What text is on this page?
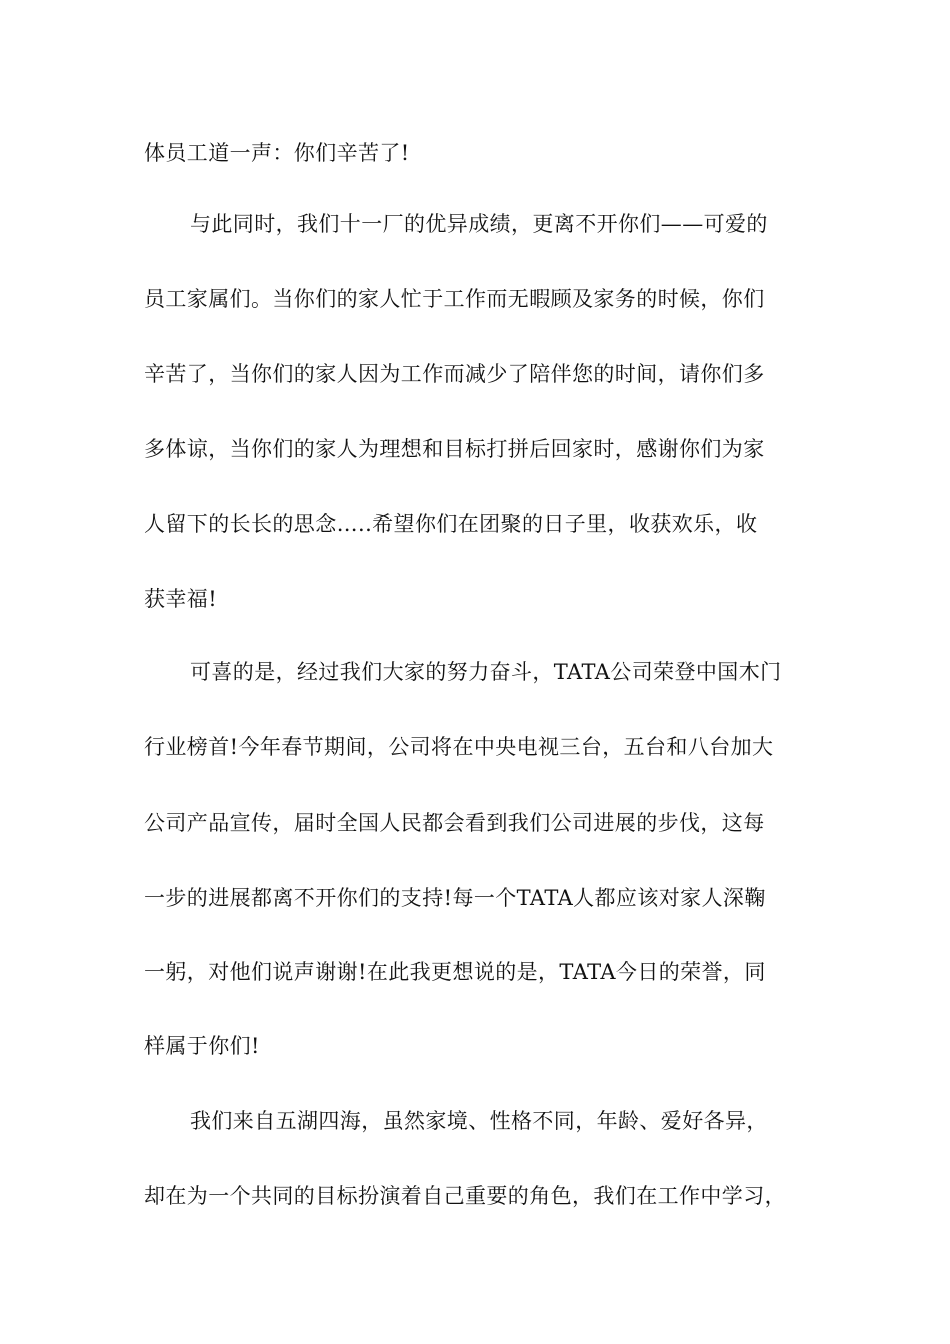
体员工道一声：你们辛苦了!
与此同时，我们十一厂的优异成绩，更离不开你们——可爱的
员工家属们。当你们的家人忙于工作而无暇顾及家务的时候，你们
辛苦了，当你们的家人因为工作而减少了陪伴您的时间，请你们多
多体谅，当你们的家人为理想和目标打拼后回家时，感谢你们为家
人留下的长长的思念…..希望你们在团聚的日子里，收获欢乐，收
获幸福!
可喜的是，经过我们大家的努力奋斗，TATA公司荣登中国木门
行业榜首!今年春节期间，公司将在中央电视三台，五台和八台加大
公司产品宣传，届时全国人民都会看到我们公司进展的步伐，这每
一步的进展都离不开你们的支持!每一个TATA人都应该对家人深鞠
一躬，对他们说声谢谢!在此我更想说的是，TATA今日的荣誉，同
样属于你们!
我们来自五湖四海，虽然家境、性格不同，年龄、爱好各异，
却在为一个共同的目标扮演着自己重要的角色，我们在工作中学习，
